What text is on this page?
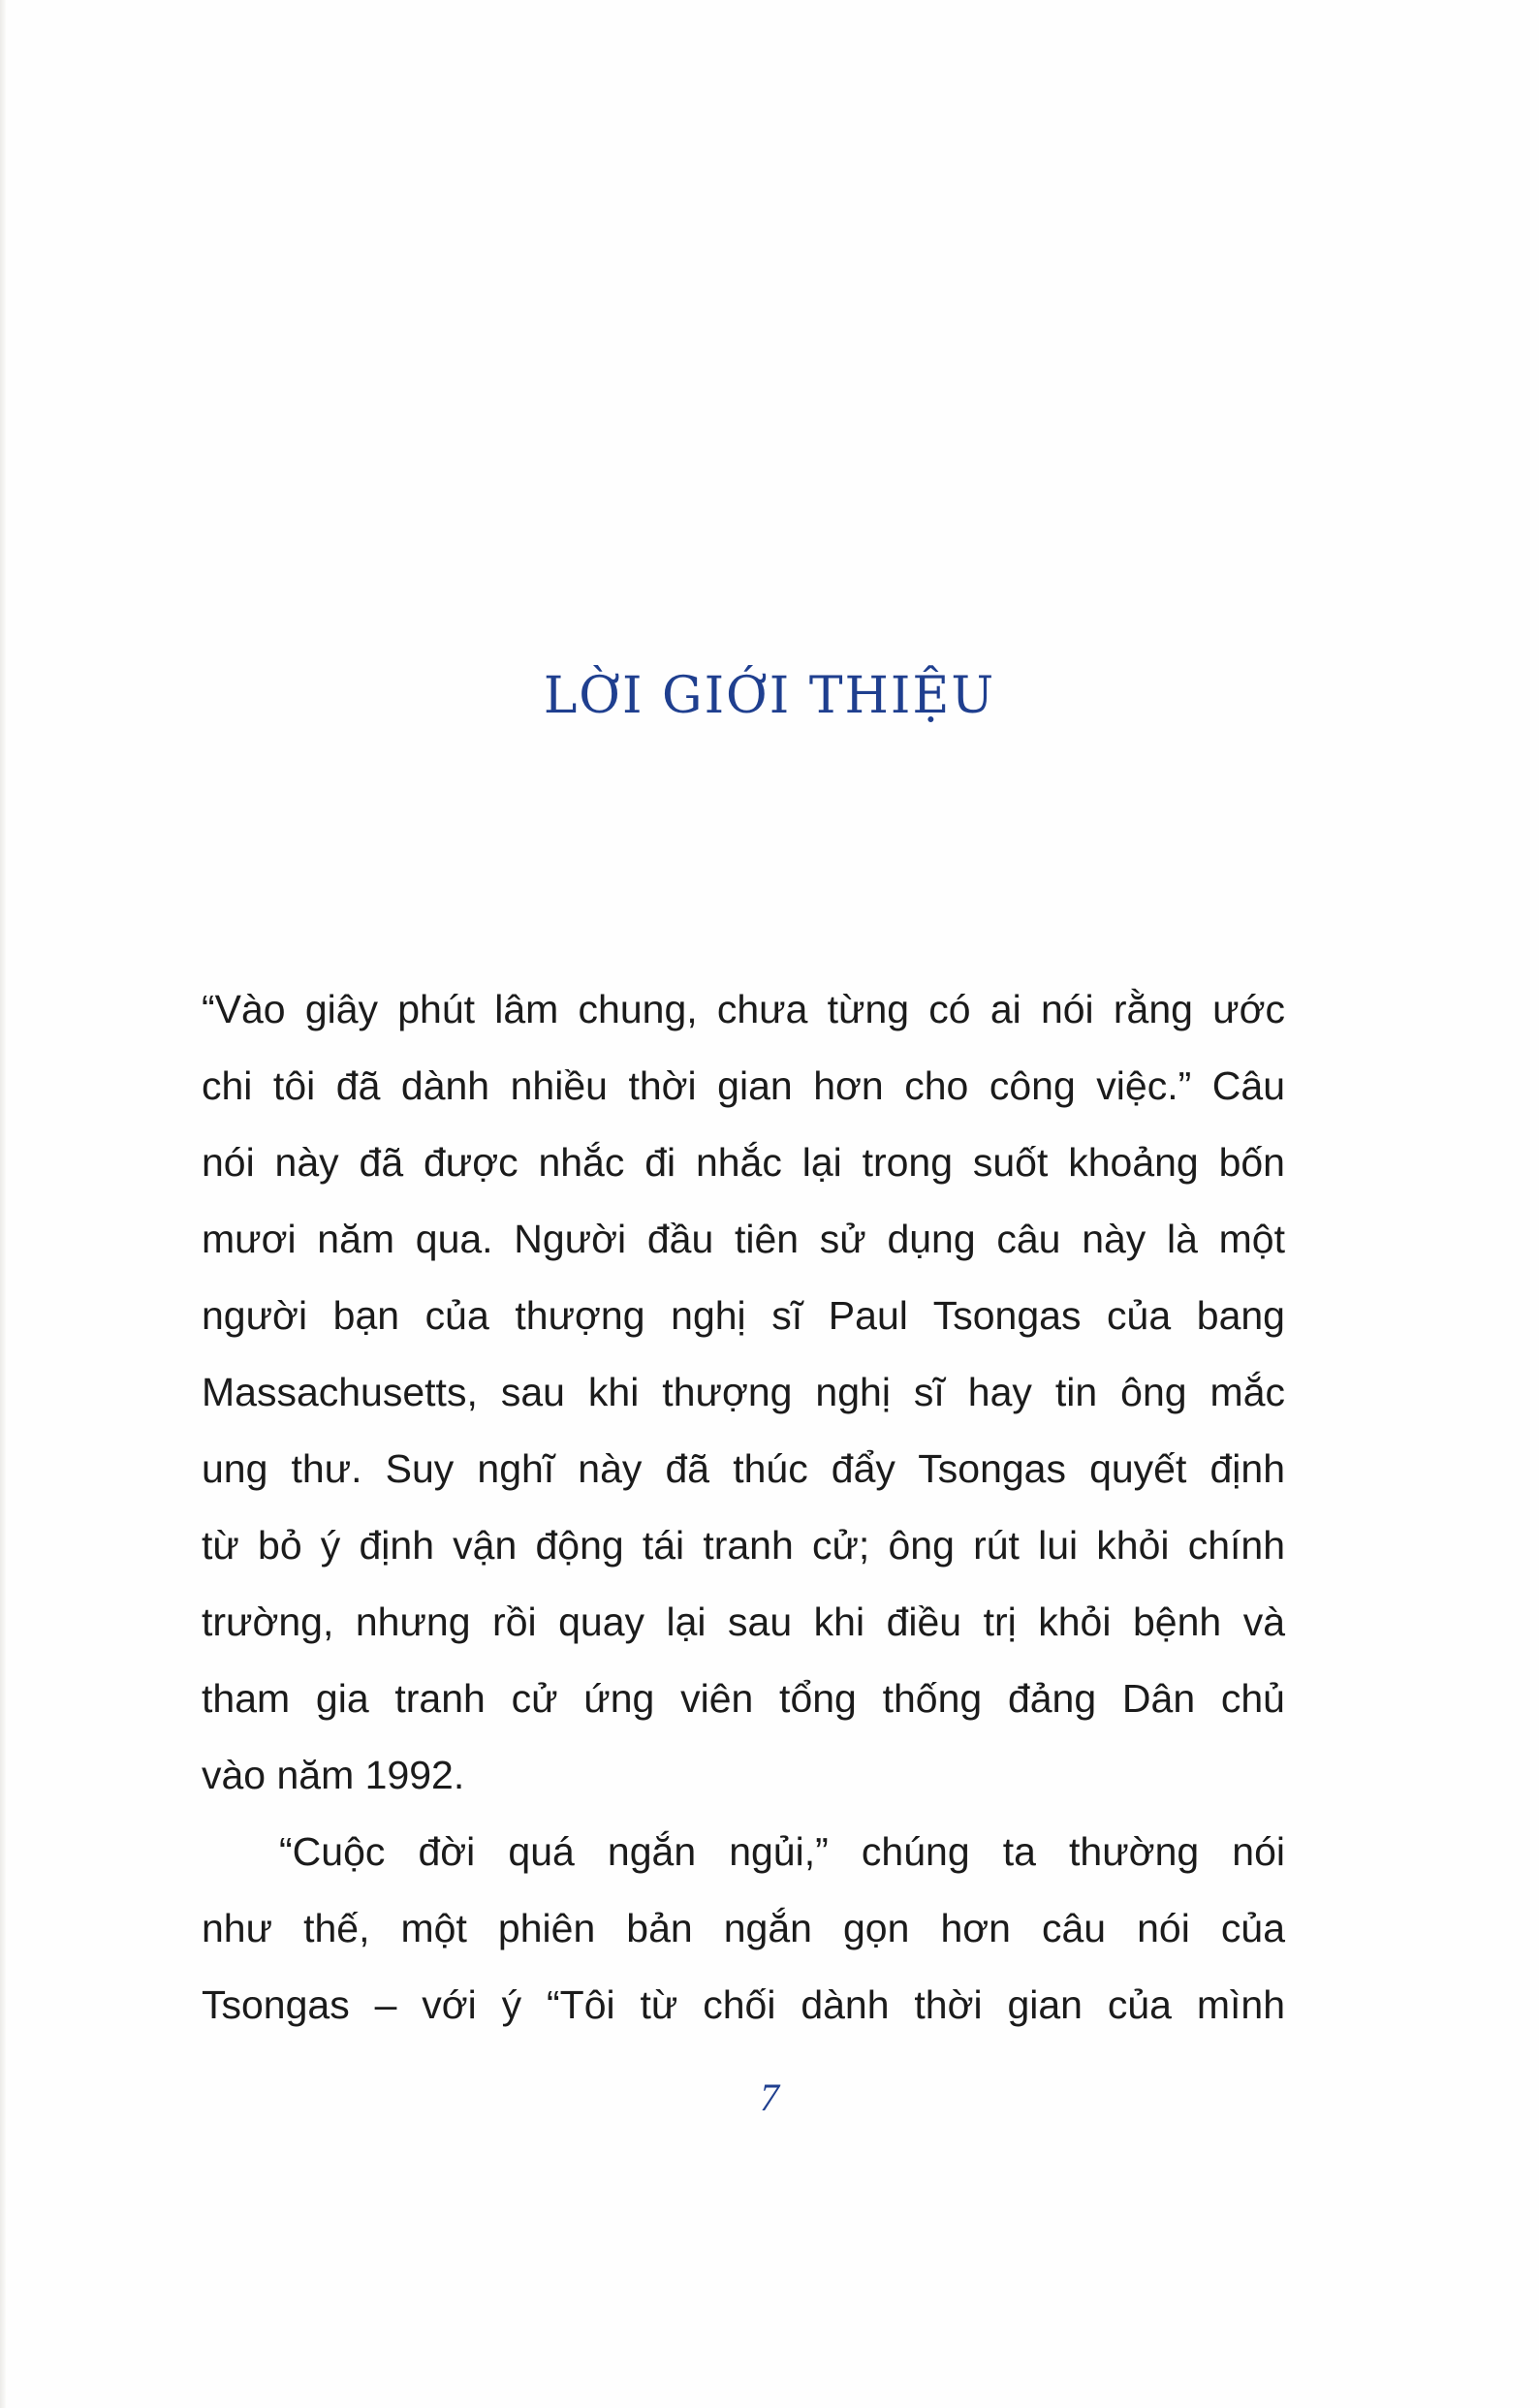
LỜI GIỚI THIỆU
“Vào giây phút lâm chung, chưa từng có ai nói rằng ước
chi tôi đã dành nhiều thời gian hơn cho công việc.” Câu
nói này đã được nhắc đi nhắc lại trong suốt khoảng bốn
mươi năm qua. Người đầu tiên sử dụng câu này là một
người bạn của thượng nghị sĩ Paul Tsongas của bang
Massachusetts, sau khi thượng nghị sĩ hay tin ông mắc
ung thư. Suy nghĩ này đã thúc đẩy Tsongas quyết định
từ bỏ ý định vận động tái tranh cử; ông rút lui khỏi chính
trường, nhưng rồi quay lại sau khi điều trị khỏi bệnh và
tham gia tranh cử ứng viên tổng thống đảng Dân chủ
vào năm 1992.
“Cuộc đời quá ngắn ngủi,” chúng ta thường nói
như thế, một phiên bản ngắn gọn hơn câu nói của
Tsongas – với ý “Tôi từ chối dành thời gian của mình
7
